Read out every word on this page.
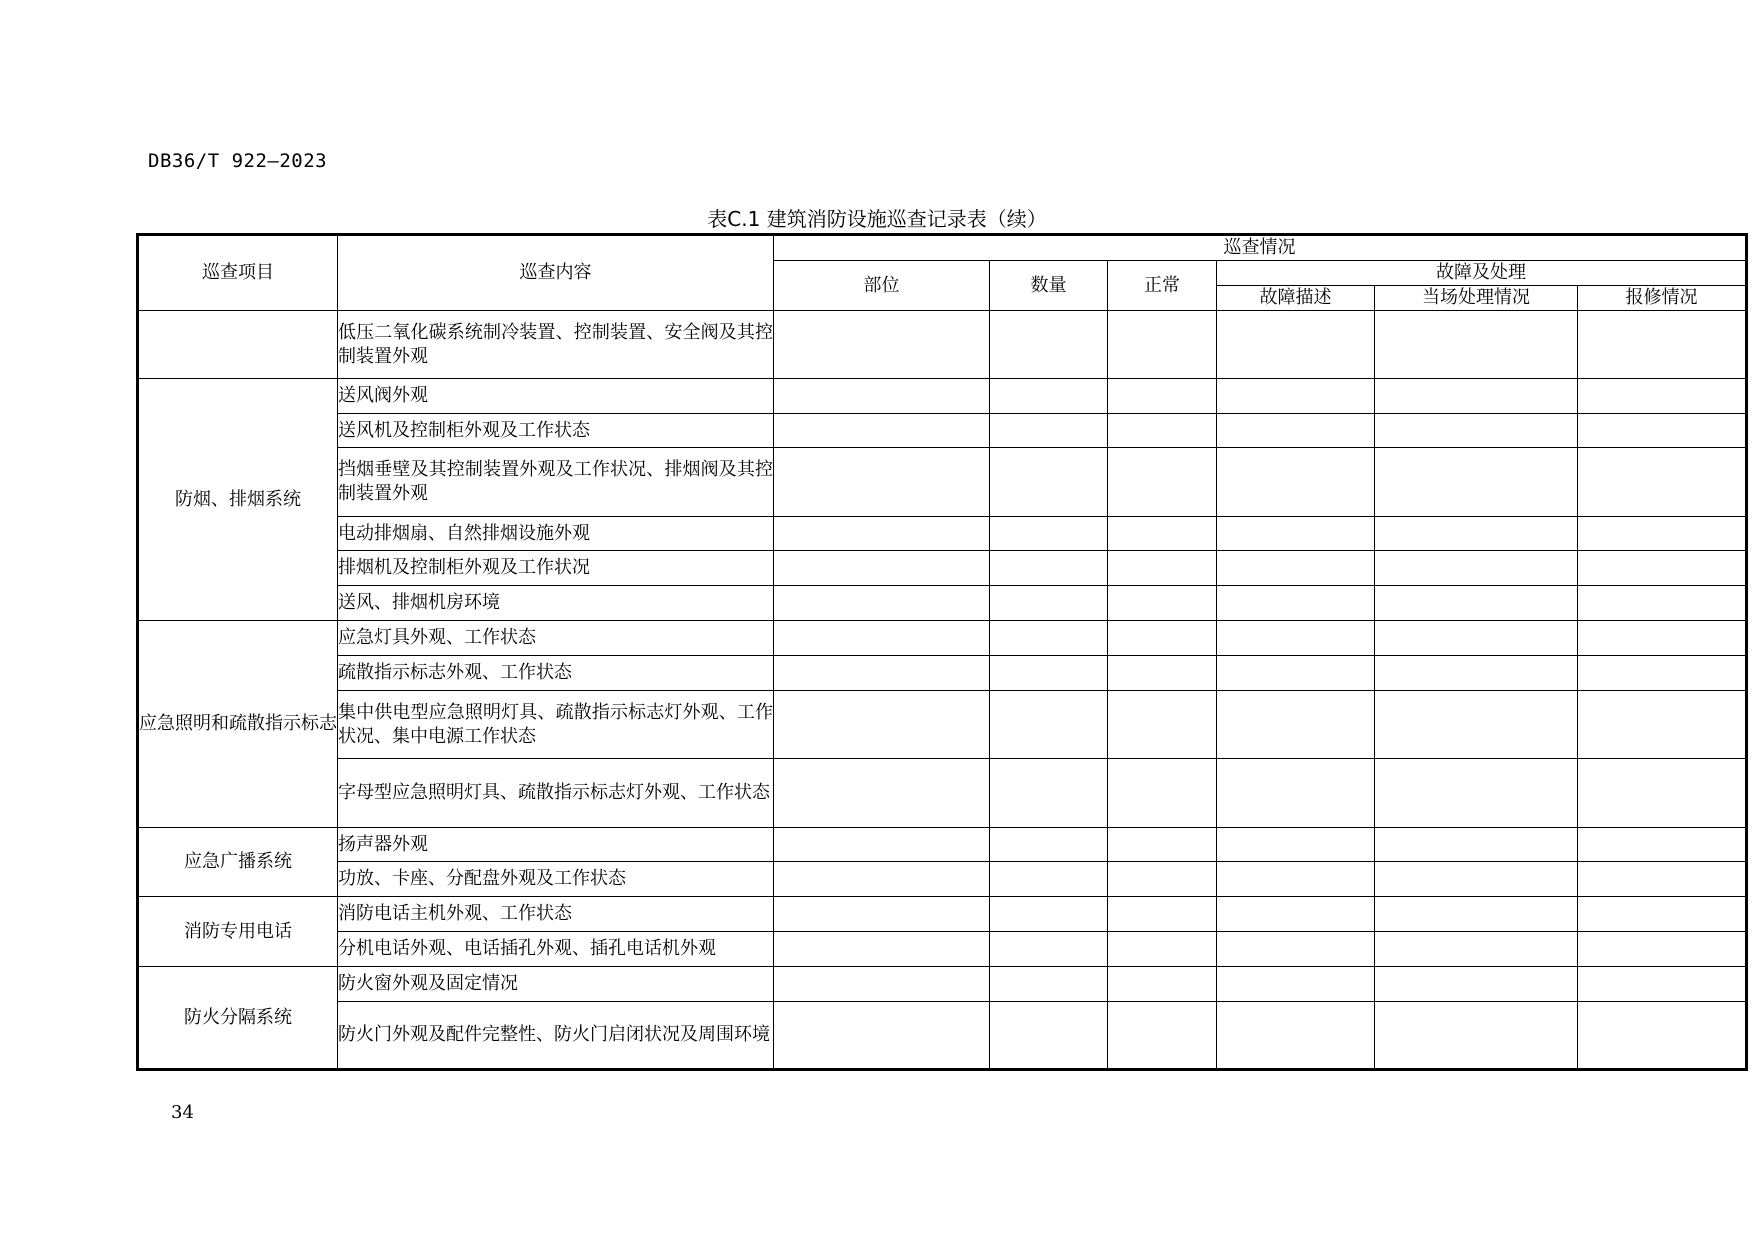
DB36/T 922—2023
表C.1 建筑消防设施巡查记录表（续）
巡查项目	巡查内容	巡查情况					
		部位	数量	正常	故障及处理		
					故障描述	当场处理情况	报修情况
	低压二氧化碳系统制冷装置、控制装置、安全阀及其控制装置外观						
防烟、排烟系统	送风阀外观						
	送风机及控制柜外观及工作状态						
	挡烟垂壁及其控制装置外观及工作状况、排烟阀及其控制装置外观						
	电动排烟扇、自然排烟设施外观						
	排烟机及控制柜外观及工作状况						
	送风、排烟机房环境						
应急照明和疏散指示标志	应急灯具外观、工作状态						
	疏散指示标志外观、工作状态						
	集中供电型应急照明灯具、疏散指示标志灯外观、工作状况、集中电源工作状态						
	字母型应急照明灯具、疏散指示标志灯外观、工作状态						
应急广播系统	扬声器外观						
	功放、卡座、分配盘外观及工作状态						
消防专用电话	消防电话主机外观、工作状态						
	分机电话外观、电话插孔外观、插孔电话机外观						
防火分隔系统	防火窗外观及固定情况						
	防火门外观及配件完整性、防火门启闭状况及周围环境						
34
